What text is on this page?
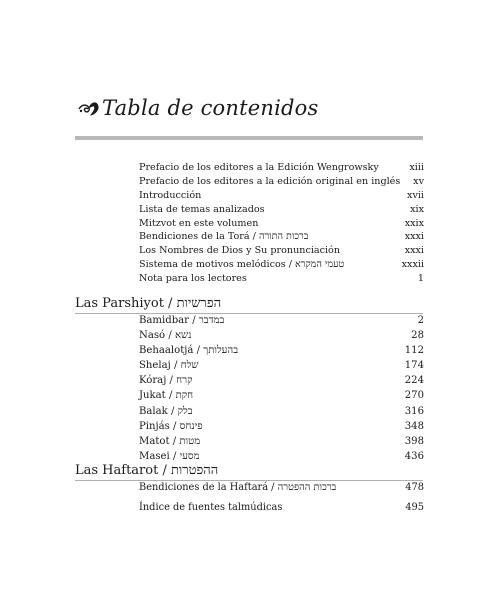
Tabla de contenidos
Prefacio de los editores a la Edición Wengrowsky	xiii
Prefacio de los editores a la edición original en inglés xv
Introducción	xvii
Lista de temas analizados	xix
Mitzvot en este volumen	xxix
Bendiciones de la Torá / ברכות התורה	xxxi
Los Nombres de Dios y Su pronunciación	xxxi
Sistema de motivos melódicos / טעמי המקרא	xxxii
Nota para los lectores	1
Las Parshiyot / הפרשיות
Bamidbar / במדבר	2
Nasó / נשא	28
Behaalotjá / בהעלותך	112
Shelaj / שלח	174
Kóraj / קרח	224
Jukat / חקת	270
Balak / בלק	316
Pinjás / פינחס	348
Matot / מטות	398
Masei / מסעי	436
Las Haftarot / ההפטרות
Bendiciones de la Haftará / ברכות ההפטרה	478
Índice de fuentes talmúdicas	495
